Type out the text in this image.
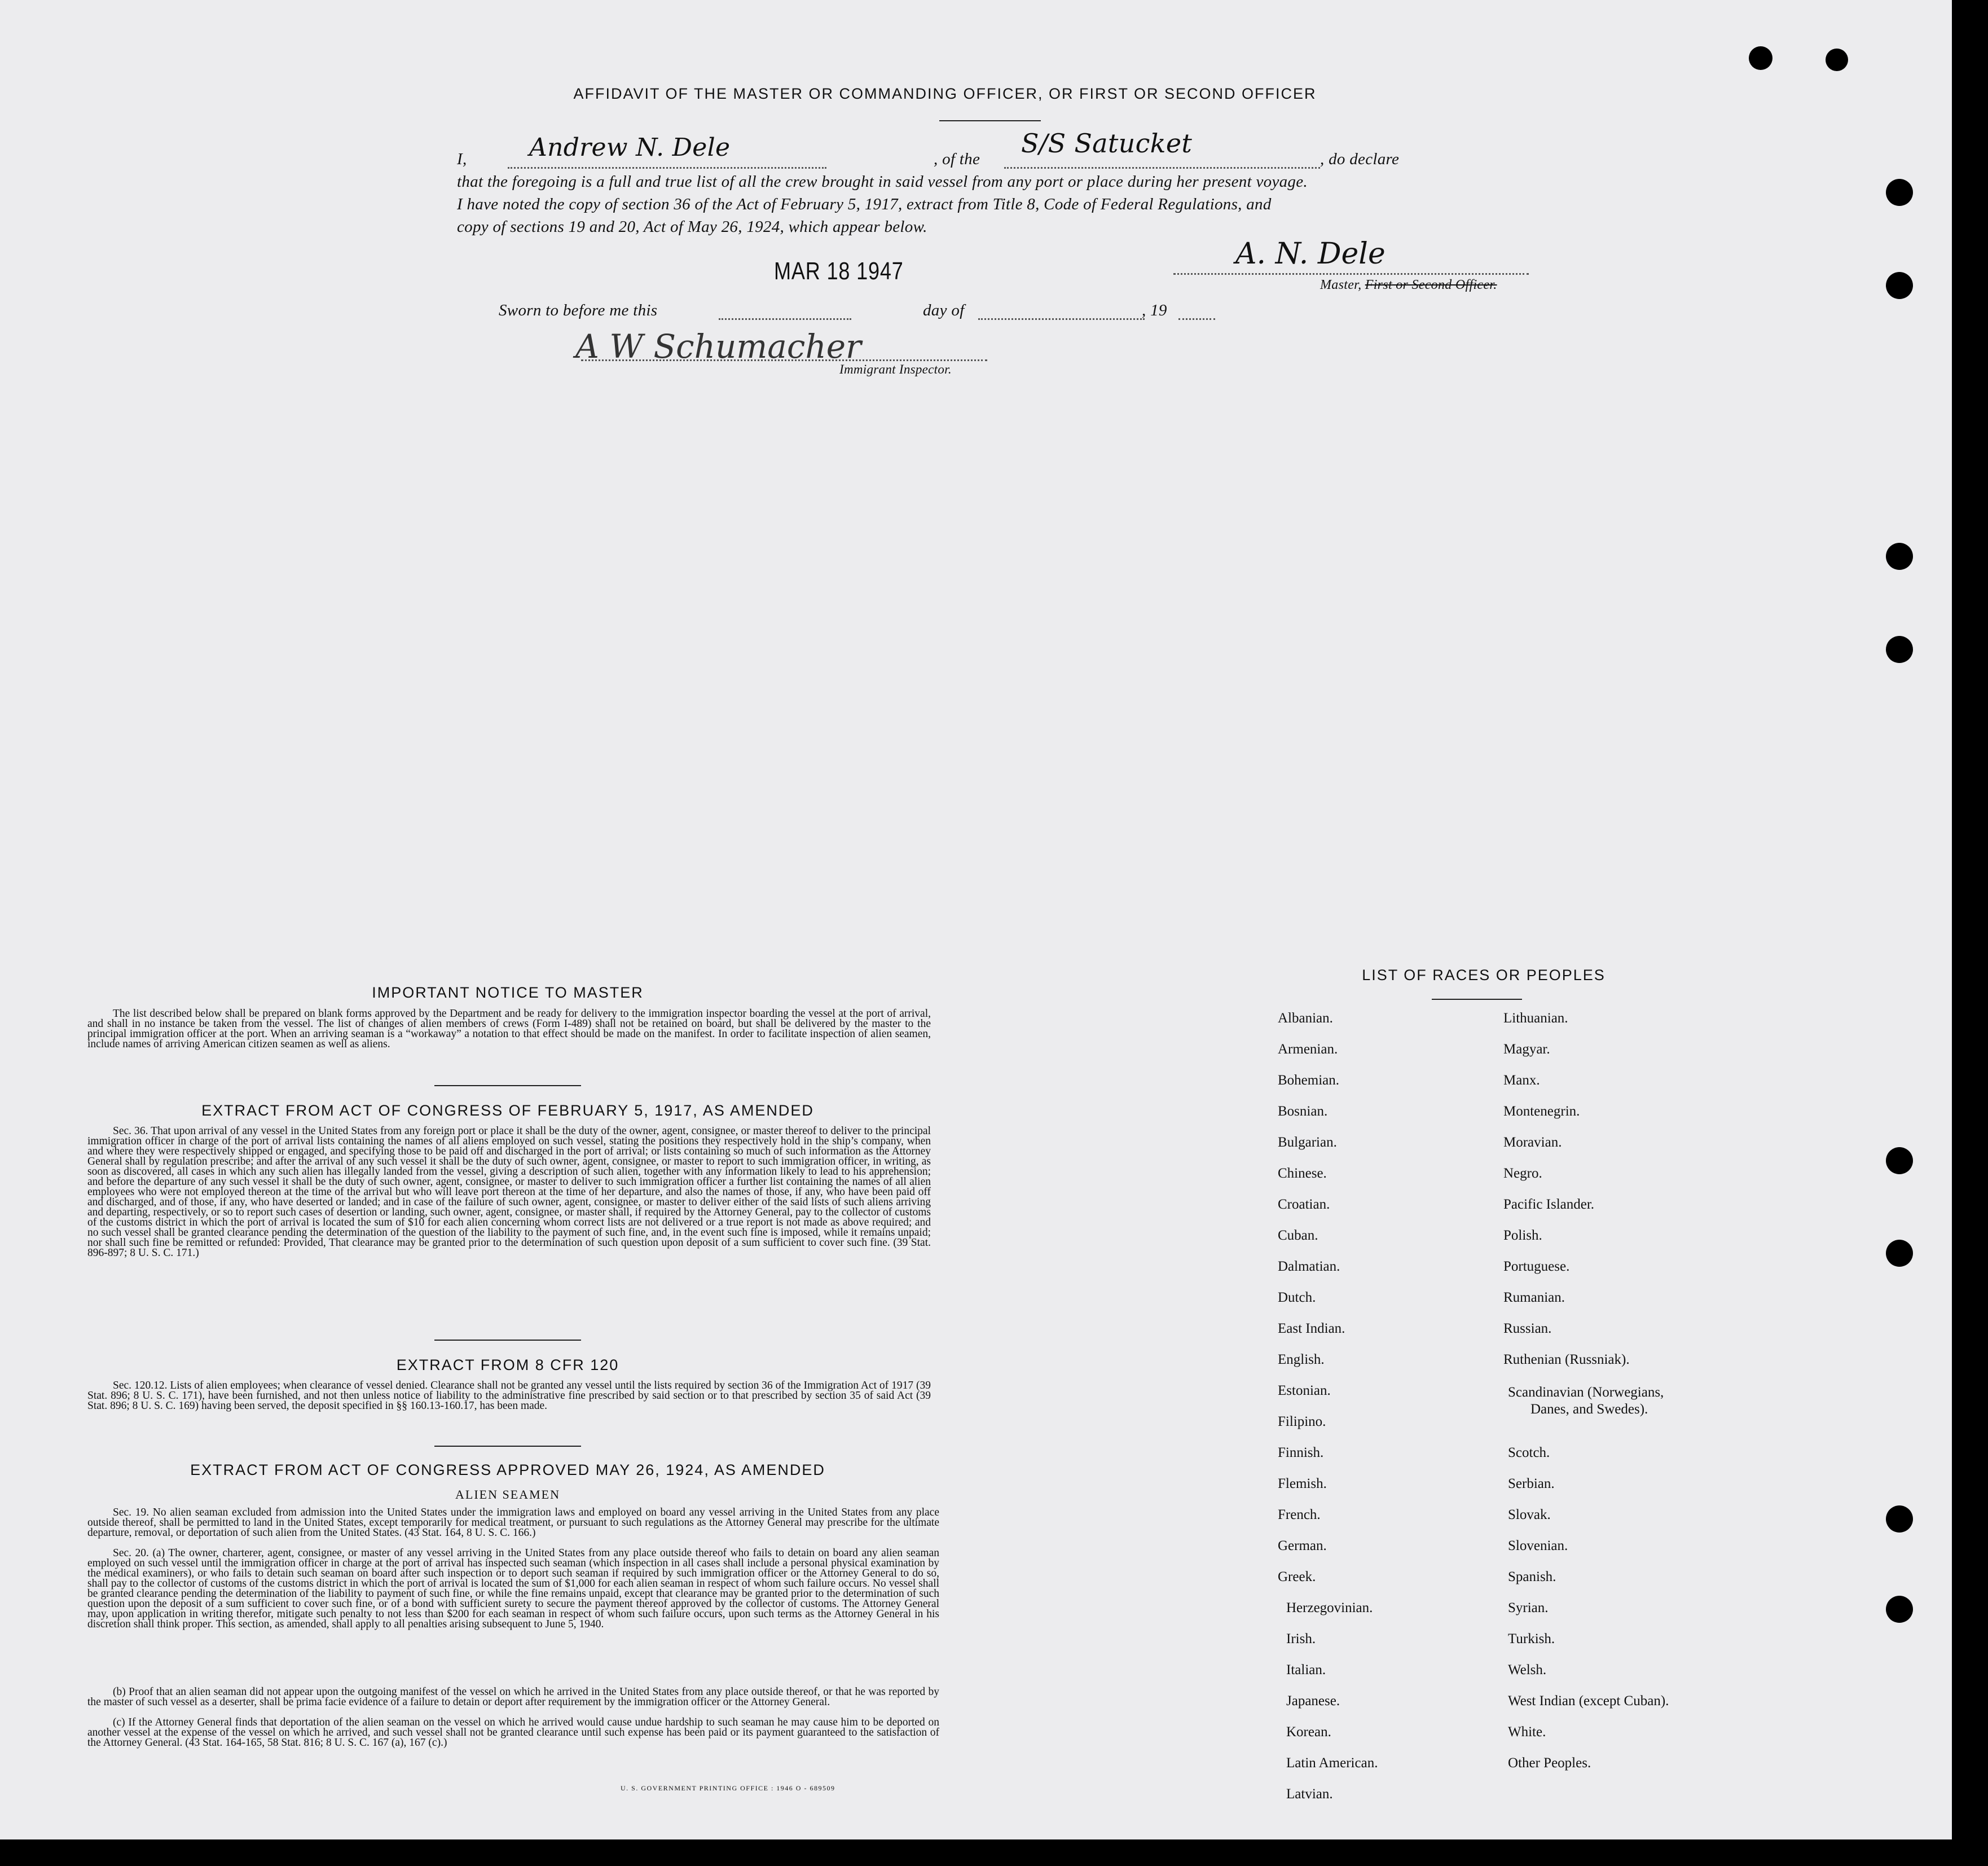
AFFIDAVIT OF THE MASTER OR COMMANDING OFFICER, OR FIRST OR SECOND OFFICER
I,	Andrew N. Dele	, of the
S/S Satucket
, do declare
that the foregoing is a full and true list of all the crew brought in said vessel from any port or place during her present voyage.
I have noted the copy of section 36 of the Act of February 5, 1917, extract from Title 8, Code of Federal Regulations, and
copy of sections 19 and 20, Act of May 26, 1924, which appear below.
MAR 18 1947
A. N. Dele
Master, First or Second Officer.
Sworn to before me this	day of	, 19
A W Schumacher
Immigrant Inspector.
IMPORTANT NOTICE TO MASTER
The list described below shall be prepared on blank forms approved by the Department and be ready for delivery to the immigration inspector boarding the vessel at the port of arrival, and shall in no instance be taken from the vessel. The list of changes of alien members of crews (Form I-489) shall not be retained on board, but shall be delivered by the master to the principal immigration officer at the port. When an arriving seaman is a “workaway” a notation to that effect should be made on the manifest. In order to facilitate inspection of alien seamen, include names of arriving American citizen seamen as well as aliens.
EXTRACT FROM ACT OF CONGRESS OF FEBRUARY 5, 1917, AS AMENDED
Sec. 36. That upon arrival of any vessel in the United States from any foreign port or place it shall be the duty of the owner, agent, consignee, or master thereof to deliver to the principal immigration officer in charge of the port of arrival lists containing the names of all aliens employed on such vessel, stating the positions they respectively hold in the ship’s company, when and where they were respectively shipped or engaged, and specifying those to be paid off and discharged in the port of arrival; or lists containing so much of such information as the Attorney General shall by regulation prescribe; and after the arrival of any such vessel it shall be the duty of such owner, agent, consignee, or master to report to such immigration officer, in writing, as soon as discovered, all cases in which any such alien has illegally landed from the vessel, giving a description of such alien, together with any information likely to lead to his apprehension; and before the departure of any such vessel it shall be the duty of such owner, agent, consignee, or master to deliver to such immigration officer a further list containing the names of all alien employees who were not employed thereon at the time of the arrival but who will leave port thereon at the time of her departure, and also the names of those, if any, who have been paid off and discharged, and of those, if any, who have deserted or landed; and in case of the failure of such owner, agent, consignee, or master to deliver either of the said lists of such aliens arriving and departing, respectively, or so to report such cases of desertion or landing, such owner, agent, consignee, or master shall, if required by the Attorney General, pay to the collector of customs of the customs district in which the port of arrival is located the sum of $10 for each alien concerning whom correct lists are not delivered or a true report is not made as above required; and no such vessel shall be granted clearance pending the determination of the question of the liability to the payment of such fine, and, in the event such fine is imposed, while it remains unpaid; nor shall such fine be remitted or refunded: Provided, That clearance may be granted prior to the determination of such question upon deposit of a sum sufficient to cover such fine. (39 Stat. 896-897; 8 U. S. C. 171.)
EXTRACT FROM 8 CFR 120
Sec. 120.12. Lists of alien employees; when clearance of vessel denied. Clearance shall not be granted any vessel until the lists required by section 36 of the Immigration Act of 1917 (39 Stat. 896; 8 U. S. C. 171), have been furnished, and not then unless notice of liability to the administrative fine prescribed by said section or to that prescribed by section 35 of said Act (39 Stat. 896; 8 U. S. C. 169) having been served, the deposit specified in §§ 160.13-160.17, has been made.
EXTRACT FROM ACT OF CONGRESS APPROVED MAY 26, 1924, AS AMENDED
ALIEN SEAMEN
Sec. 19. No alien seaman excluded from admission into the United States under the immigration laws and employed on board any vessel arriving in the United States from any place outside thereof, shall be permitted to land in the United States, except temporarily for medical treatment, or pursuant to such regulations as the Attorney General may prescribe for the ultimate departure, removal, or deportation of such alien from the United States. (43 Stat. 164, 8 U. S. C. 166.)
Sec. 20. (a) The owner, charterer, agent, consignee, or master of any vessel arriving in the United States from any place outside thereof who fails to detain on board any alien seaman employed on such vessel until the immigration officer in charge at the port of arrival has inspected such seaman (which inspection in all cases shall include a personal physical examination by the medical examiners), or who fails to detain such seaman on board after such inspection or to deport such seaman if required by such immigration officer or the Attorney General to do so, shall pay to the collector of customs of the customs district in which the port of arrival is located the sum of $1,000 for each alien seaman in respect of whom such failure occurs. No vessel shall be granted clearance pending the determination of the liability to payment of such fine, or while the fine remains unpaid, except that clearance may be granted prior to the determination of such question upon the deposit of a sum sufficient to cover such fine, or of a bond with sufficient surety to secure the payment thereof approved by the collector of customs. The Attorney General may, upon application in writing therefor, mitigate such penalty to not less than $200 for each seaman in respect of whom such failure occurs, upon such terms as the Attorney General in his discretion shall think proper. This section, as amended, shall apply to all penalties arising subsequent to June 5, 1940.
(b) Proof that an alien seaman did not appear upon the outgoing manifest of the vessel on which he arrived in the United States from any place outside thereof, or that he was reported by the master of such vessel as a deserter, shall be prima facie evidence of a failure to detain or deport after requirement by the immigration officer or the Attorney General.
(c) If the Attorney General finds that deportation of the alien seaman on the vessel on which he arrived would cause undue hardship to such seaman he may cause him to be deported on another vessel at the expense of the vessel on which he arrived, and such vessel shall not be granted clearance until such expense has been paid or its payment guaranteed to the satisfaction of the Attorney General. (43 Stat. 164-165, 58 Stat. 816; 8 U. S. C. 167 (a), 167 (c).)
U. S. GOVERNMENT PRINTING OFFICE : 1946 O - 689509
LIST OF RACES OR PEOPLES
Albanian.
Armenian.
Bohemian.
Bosnian.
Bulgarian.
Chinese.
Croatian.
Cuban.
Dalmatian.
Dutch.
East Indian.
English.
Estonian.
Filipino.
Finnish.
Flemish.
French.
German.
Greek.
Herzegovinian.
Irish.
Italian.
Japanese.
Korean.
Latin American.
Latvian.
Lithuanian.
Magyar.
Manx.
Montenegrin.
Moravian.
Negro.
Pacific Islander.
Polish.
Portuguese.
Rumanian.
Russian.
Ruthenian (Russniak).
Scandinavian (Norwegians,
Danes, and Swedes).
Scotch.
Serbian.
Slovak.
Slovenian.
Spanish.
Syrian.
Turkish.
Welsh.
West Indian (except Cuban).
White.
Other Peoples.
